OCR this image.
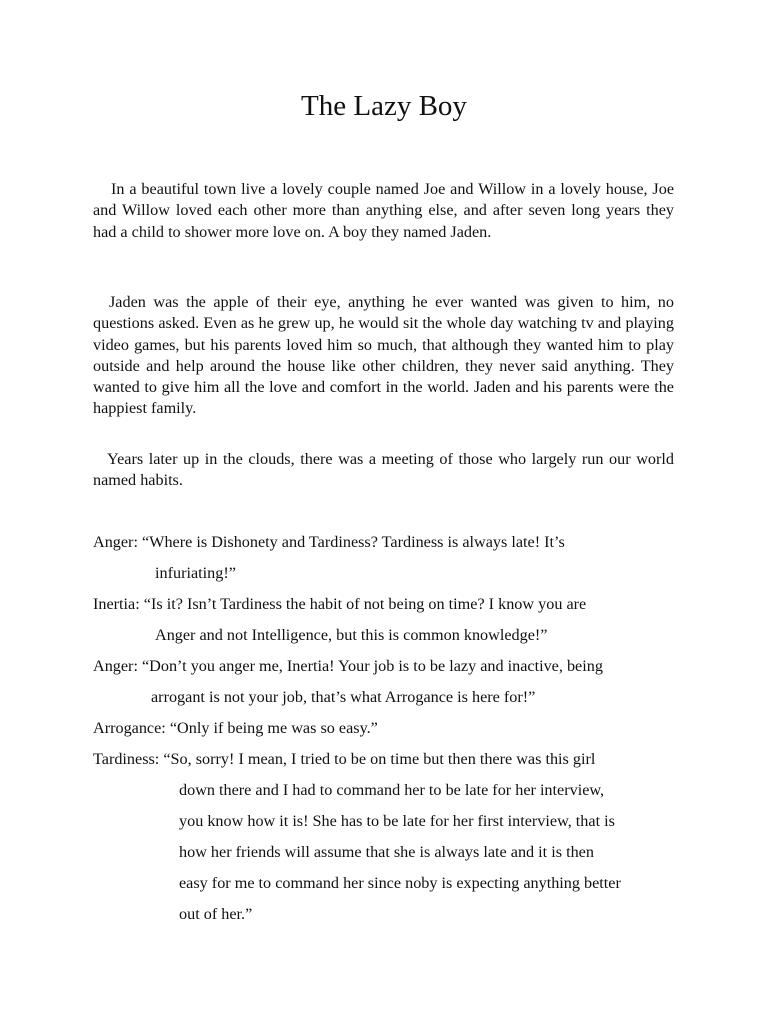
The Lazy Boy

In a beautiful town live a lovely couple named Joe and Willow in a lovely house, Joe and Willow loved each other more than anything else, and after seven long years they had a child to shower more love on. A boy they named Jaden.

Jaden was the apple of their eye, anything he ever wanted was given to him, no questions asked. Even as he grew up, he would sit the whole day watching tv and playing video games, but his parents loved him so much, that although they wanted him to play outside and help around the house like other children, they never said anything. They wanted to give him all the love and comfort in the world. Jaden and his parents were the happiest family.

Years later up in the clouds, there was a meeting of those who largely run our world named habits.

Anger: “Where is Dishonety and Tardiness? Tardiness is always late! It’s
infuriating!”
Inertia: “Is it? Isn’t Tardiness the habit of not being on time? I know you are
Anger and not Intelligence, but this is common knowledge!”
Anger: “Don’t you anger me, Inertia! Your job is to be lazy and inactive, being
arrogant is not your job, that’s what Arrogance is here for!”
Arrogance: “Only if being me was so easy.”
Tardiness: “So, sorry! I mean, I tried to be on time but then there was this girl
down there and I had to command her to be late for her interview,
you know how it is! She has to be late for her first interview, that is
how her friends will assume that she is always late and it is then
easy for me to command her since noby is expecting anything better
out of her.”
